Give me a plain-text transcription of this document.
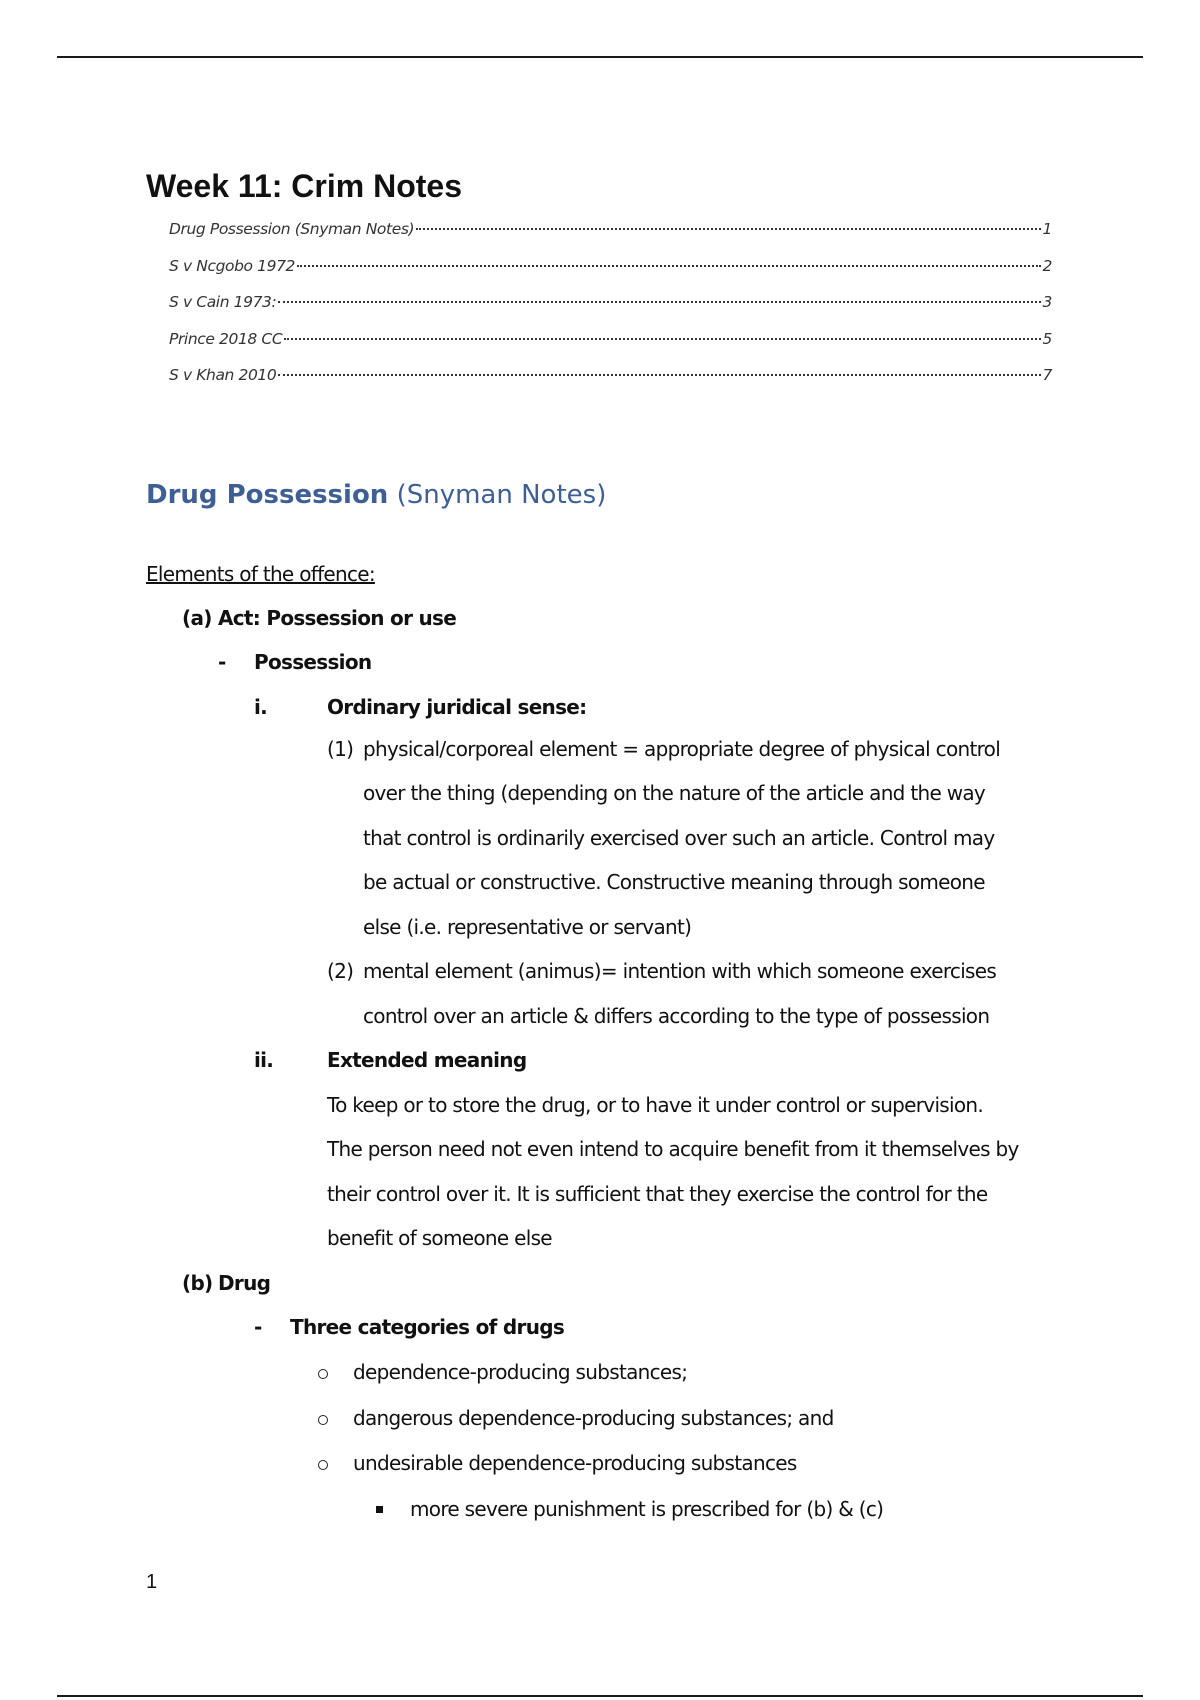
Week 11: Crim Notes
Drug Possession (Snyman Notes)	1
S v Ncgobo 1972	2
S v Cain 1973:	3
Prince 2018 CC	5
S v Khan 2010	7
Drug Possession (Snyman Notes)
Elements of the offence:
(a) Act: Possession or use
- Possession
i.	Ordinary juridical sense:
(1) physical/corporeal element = appropriate degree of physical control
over the thing (depending on the nature of the article and the way
that control is ordinarily exercised over such an article. Control may
be actual or constructive. Constructive meaning through someone
else (i.e. representative or servant)
(2) mental element (animus)= intention with which someone exercises
control over an article & differs according to the type of possession
ii.	Extended meaning
To keep or to store the drug, or to have it under control or supervision.
The person need not even intend to acquire benefit from it themselves by
their control over it. It is sufficient that they exercise the control for the
benefit of someone else
(b) Drug
- Three categories of drugs
dependence-producing substances;
dangerous dependence-producing substances; and
undesirable dependence-producing substances
more severe punishment is prescribed for (b) & (c)
1
